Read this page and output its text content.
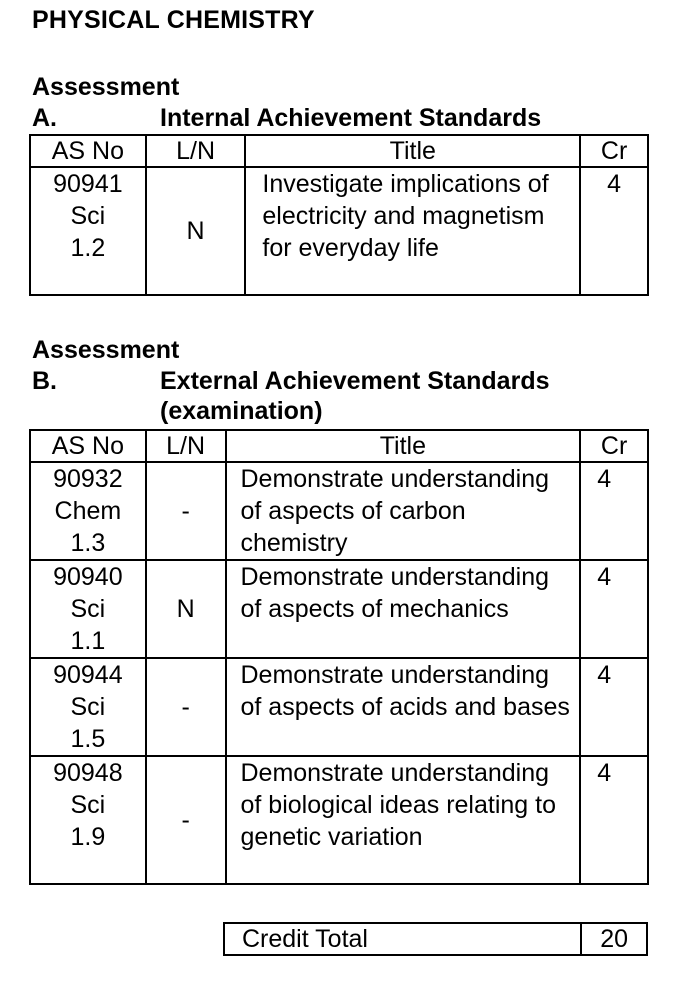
PHYSICAL CHEMISTRY
Assessment
A.	Internal Achievement Standards
AS No	L/N	Title	Cr

90941
Sci
1.2	N	Investigate implications of electricity and magnetism for everyday life	4
Assessment
B.	External Achievement Standards (examination)
AS No	L/N	Title	Cr

90932
Chem
1.3	-	Demonstrate understanding of aspects of carbon chemistry	4

90940
Sci
1.1	N	Demonstrate understanding of aspects of mechanics	4

90944
Sci
1.5	-	Demonstrate understanding of aspects of acids and bases	4

90948
Sci
1.9	-	Demonstrate understanding of biological ideas relating to genetic variation	4
Credit Total	20
